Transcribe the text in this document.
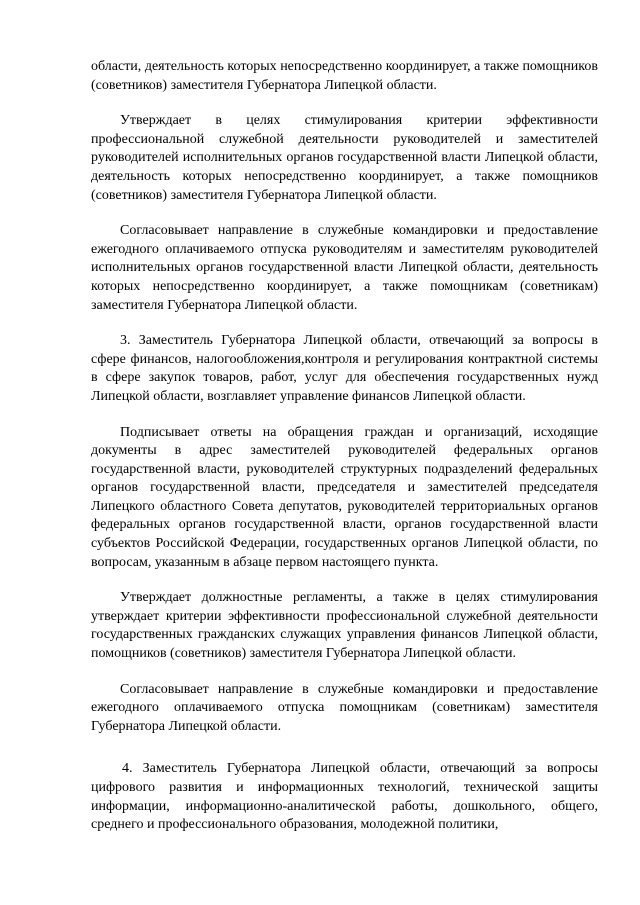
области, деятельность которых непосредственно координирует, а также помощников (советников) заместителя Губернатора Липецкой области.

Утверждает в целях стимулирования критерии эффективности профессиональной служебной деятельности руководителей и заместителей руководителей исполнительных органов государственной власти Липецкой области, деятельность которых непосредственно координирует, а также помощников (советников) заместителя Губернатора Липецкой области.

Согласовывает направление в служебные командировки и предоставление ежегодного оплачиваемого отпуска руководителям и заместителям руководителей исполнительных органов государственной власти Липецкой области, деятельность которых непосредственно координирует, а также помощникам (советникам) заместителя Губернатора Липецкой области.

3. Заместитель Губернатора Липецкой области, отвечающий за вопросы в сфере финансов, налогообложения,контроля и регулирования контрактной системы в сфере закупок товаров, работ, услуг для обеспечения государственных нужд Липецкой области, возглавляет управление финансов Липецкой области.

Подписывает ответы на обращения граждан и организаций, исходящие документы в адрес заместителей руководителей федеральных органов государственной власти, руководителей структурных подразделений федеральных органов государственной власти, председателя и заместителей председателя Липецкого областного Совета депутатов, руководителей территориальных органов федеральных органов государственной власти, органов государственной власти субъектов Российской Федерации, государственных органов Липецкой области, по вопросам, указанным в абзаце первом настоящего пункта.

Утверждает должностные регламенты, а также в целях стимулирования утверждает критерии эффективности профессиональной служебной деятельности государственных гражданских служащих управления финансов Липецкой области, помощников (советников) заместителя Губернатора Липецкой области.

Согласовывает направление в служебные командировки и предоставление ежегодного оплачиваемого отпуска помощникам (советникам) заместителя Губернатора Липецкой области.

4. Заместитель Губернатора Липецкой области, отвечающий за вопросы цифрового развития и информационных технологий, технической защиты информации, информационно-аналитической работы, дошкольного, общего, среднего и профессионального образования, молодежной политики,
